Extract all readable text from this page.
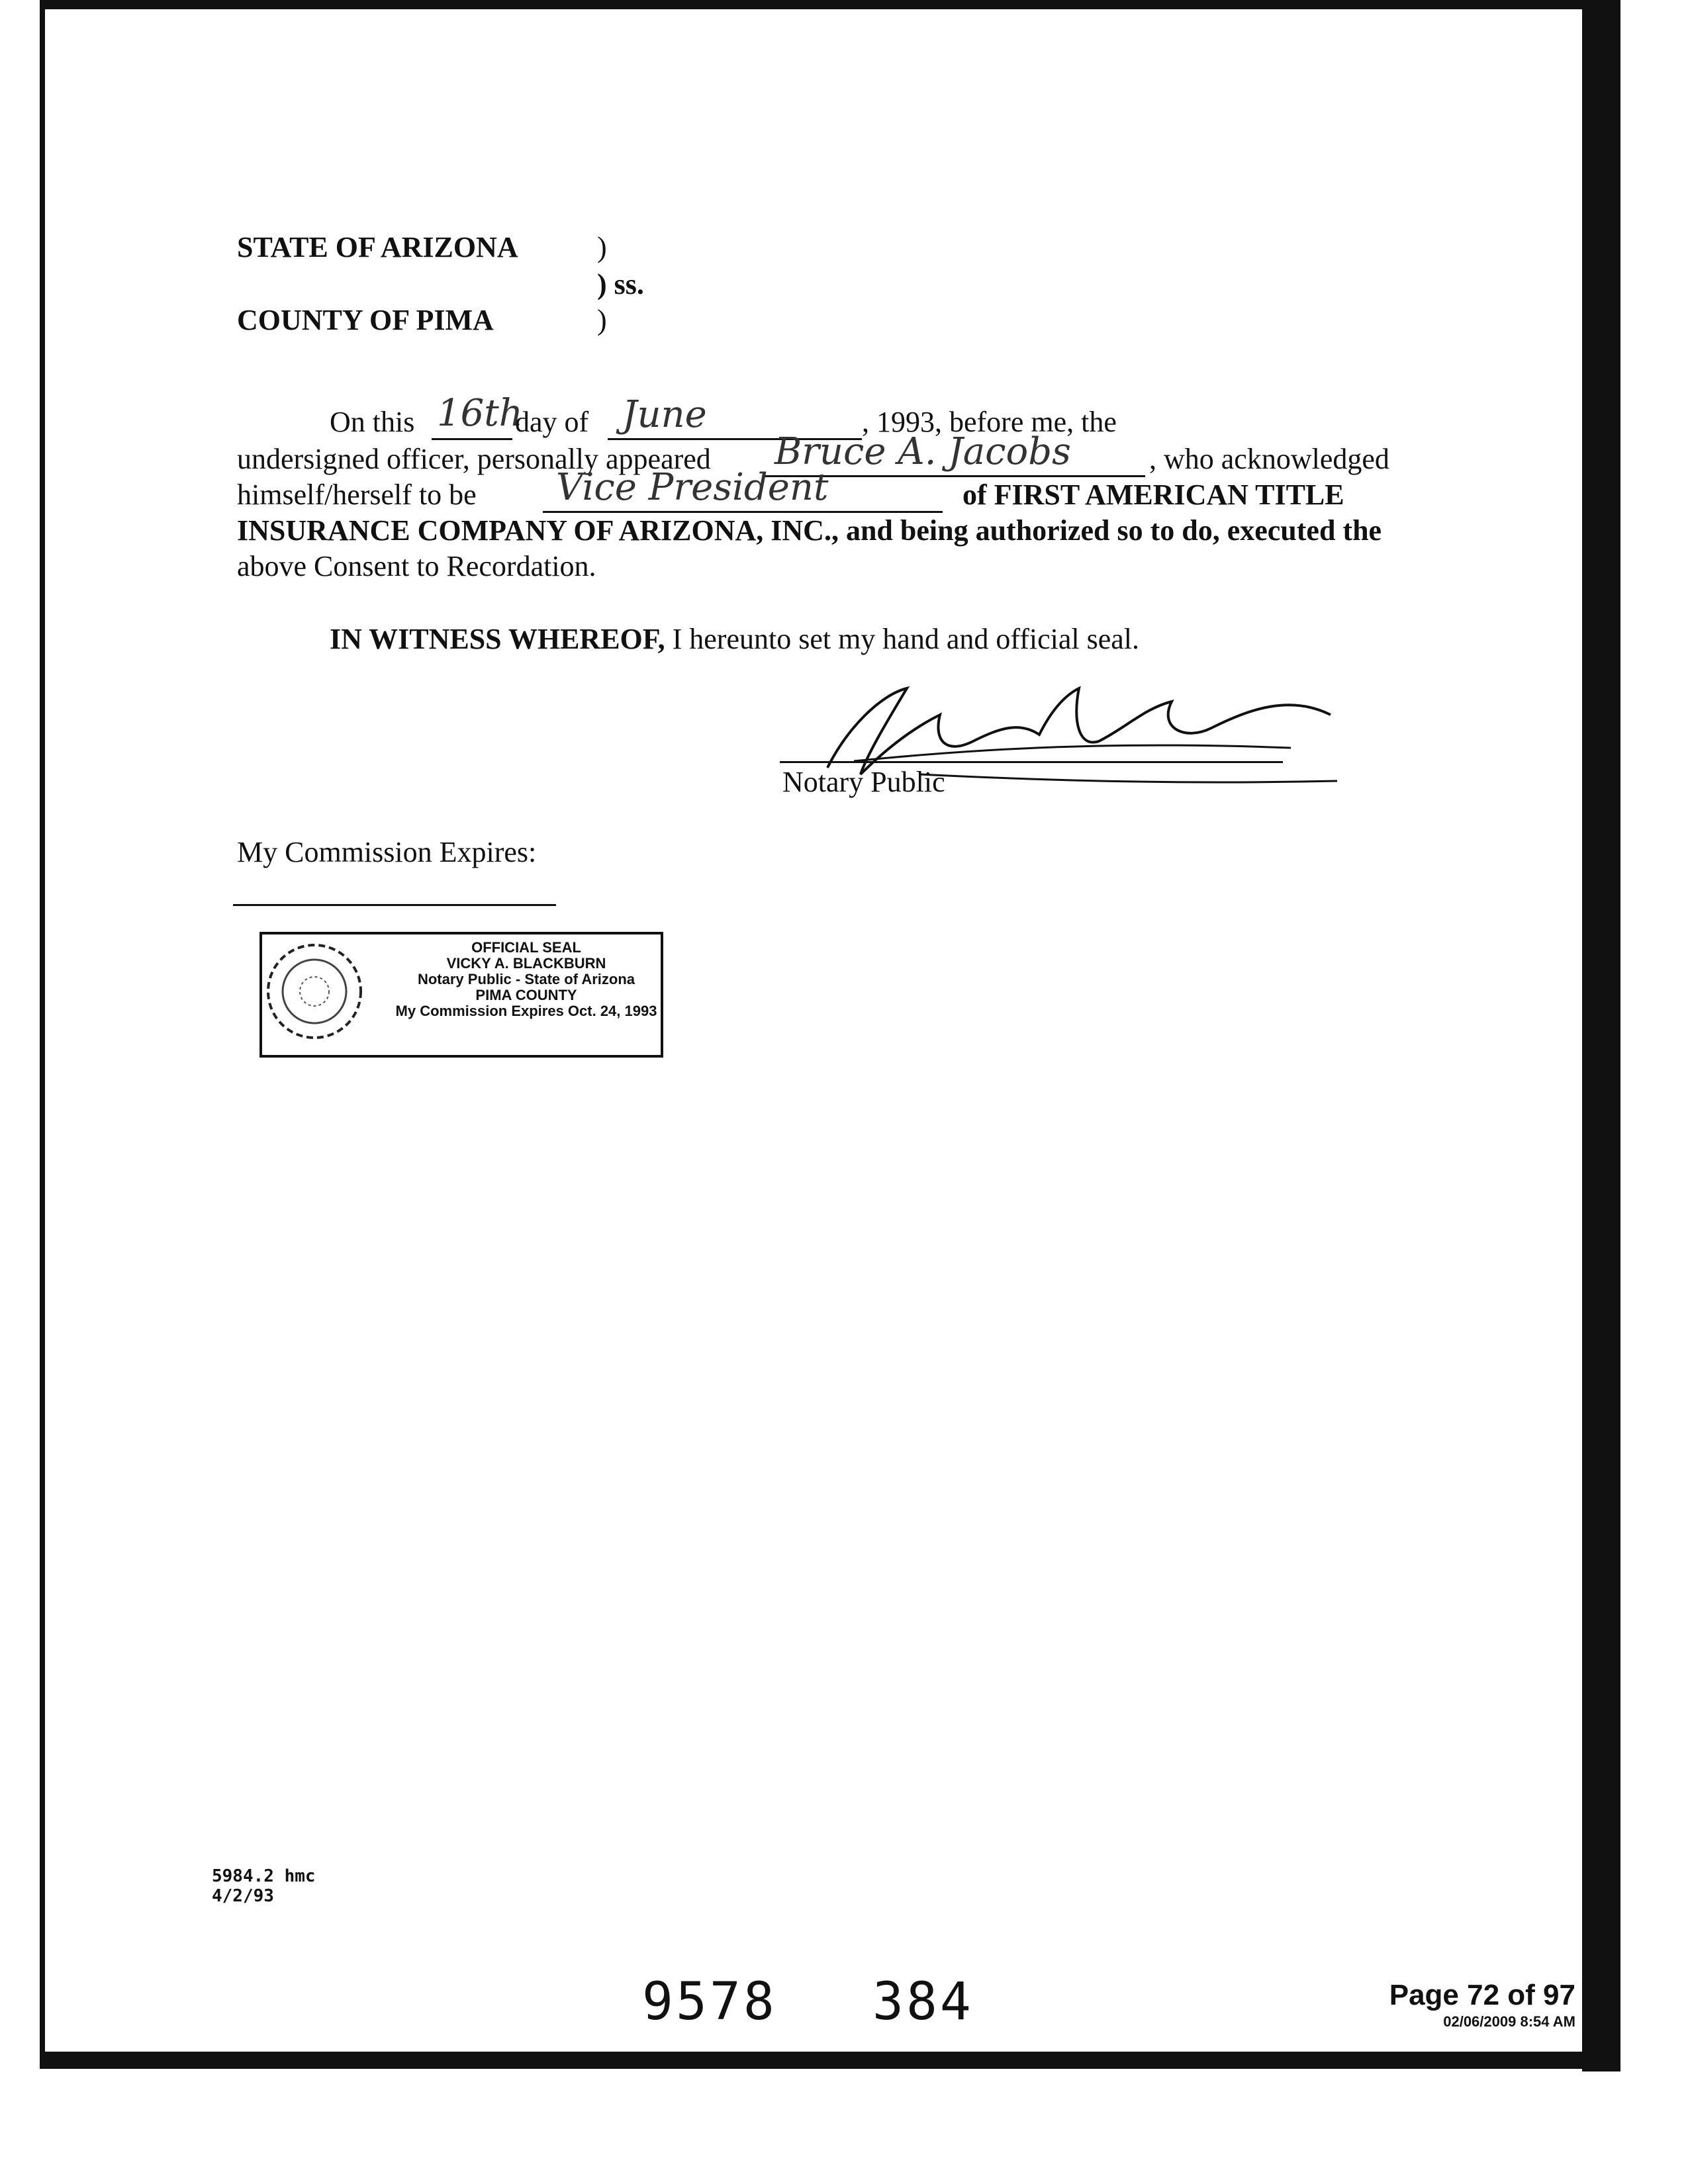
STATE OF ARIZONA	)
) ss.
COUNTY OF PIMA	)
On this 16th
day of June	, 1993, before me, the
undersigned officer, personally appeared Bruce A. Jacobs	, who acknowledged
himself/herself to be Vice President	of FIRST AMERICAN TITLE
INSURANCE COMPANY OF ARIZONA, INC., and being authorized so to do, executed the
above Consent to Recordation.
IN WITNESS WHEREOF, I hereunto set my hand and official seal.
Notary Public
My Commission Expires:
OFFICIAL SEAL
VICKY A. BLACKBURN
Notary Public - State of Arizona
PIMA COUNTY
My Commission Expires Oct. 24, 1993
5984.2 hmc
4/2/93
9578 384	Page 72 of 97
02/06/2009 8:54 AM
